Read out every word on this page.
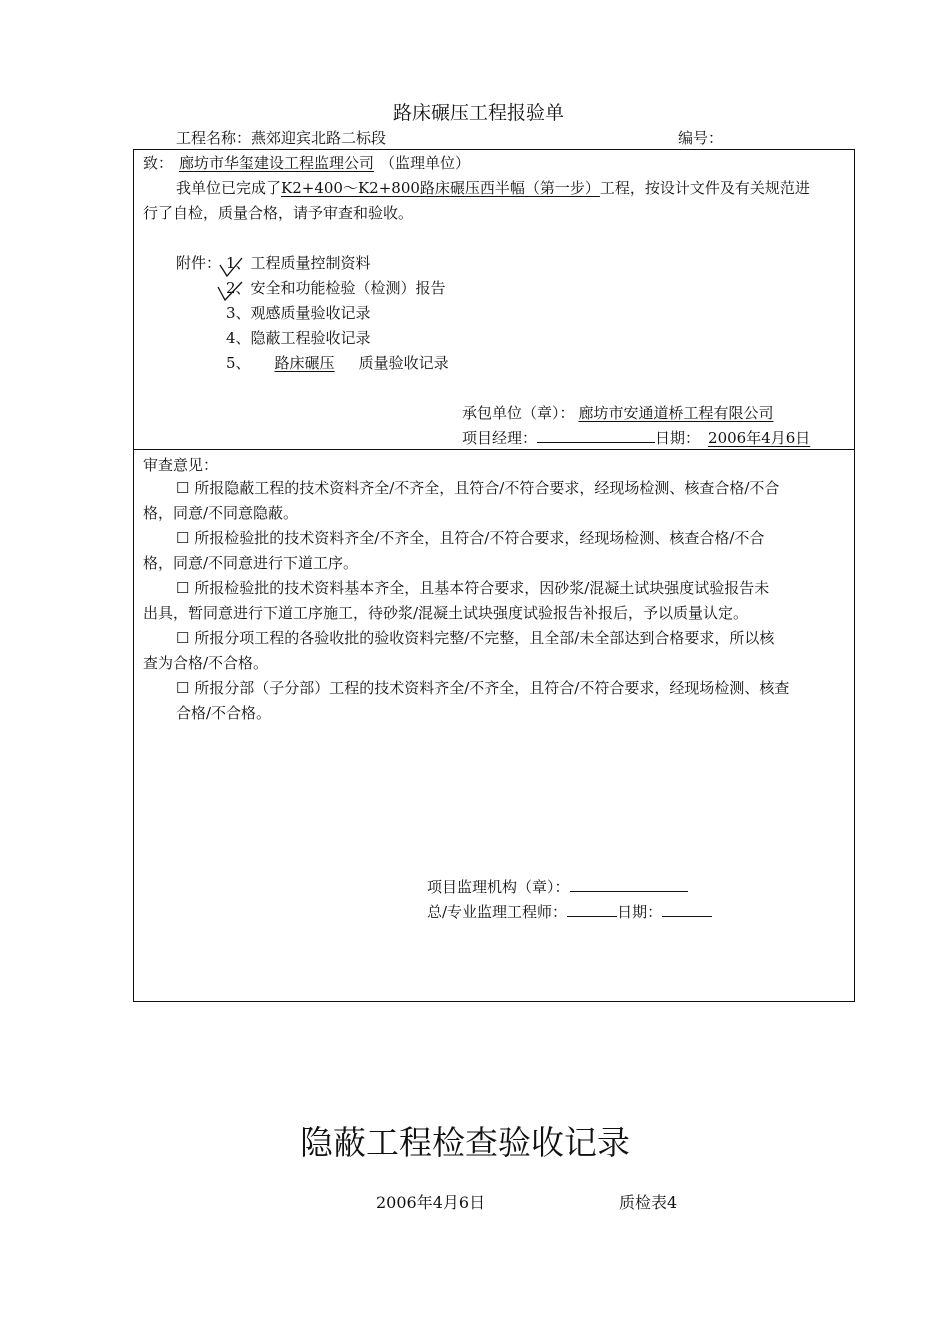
路床碾压工程报验单
工程名称：燕郊迎宾北路二标段	编号：
致： 廊坊市华玺建设工程监理公司 （监理单位）
我单位已完成了K2+400～K2+800路床碾压西半幅（第一步）工程，按设计文件及有关规范进
行了自检，质量合格，请予审查和验收。
附件： 1、工程质量控制资料
2、安全和功能检验（检测）报告
3、观感质量验收记录
4、隐蔽工程验收记录
5、 路床碾压 质量验收记录
承包单位（章）： 廊坊市安通道桥工程有限公司
项目经理：	日期： 2006年4月6日
审查意见：
☐ 所报隐蔽工程的技术资料齐全/不齐全，且符合/不符合要求，经现场检测、核查合格/不合
格，同意/不同意隐蔽。
☐ 所报检验批的技术资料齐全/不齐全，且符合/不符合要求，经现场检测、核查合格/不合
格，同意/不同意进行下道工序。
☐ 所报检验批的技术资料基本齐全，且基本符合要求，因砂浆/混凝土试块强度试验报告未
出具，暂同意进行下道工序施工，待砂浆/混凝土试块强度试验报告补报后，予以质量认定。
☐ 所报分项工程的各验收批的验收资料完整/不完整，且全部/未全部达到合格要求，所以核
查为合格/不合格。
☐ 所报分部（子分部）工程的技术资料齐全/不齐全，且符合/不符合要求，经现场检测、核查
合格/不合格。
项目监理机构（章）：
总/专业监理工程师：	日期：
隐蔽工程检查验收记录
2006年4月6日	质检表4
